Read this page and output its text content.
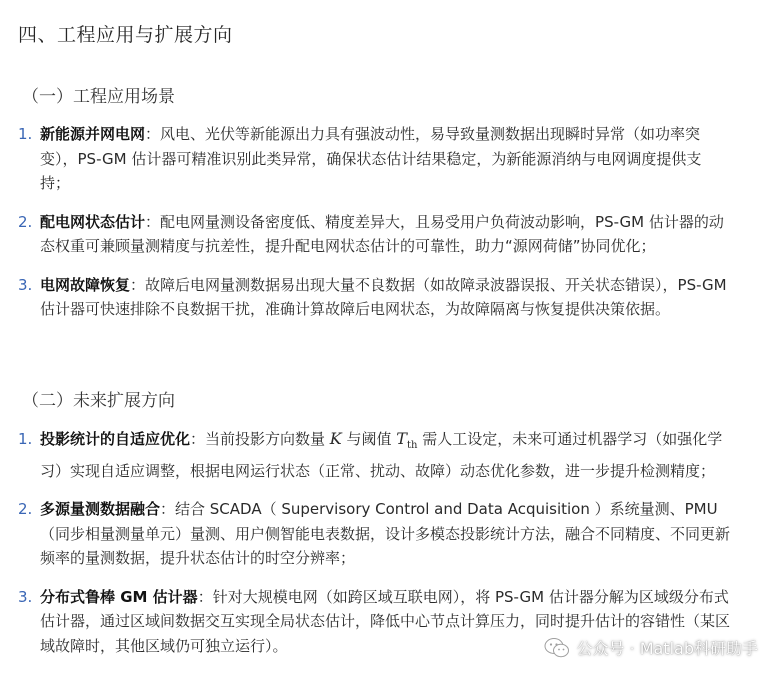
四、工程应用与扩展方向
（一）工程应用场景
1. 新能源并网电网：风电、光伏等新能源出力具有强波动性，易导致量测数据出现瞬时异常（如功率突变），PS-GM 估计器可精准识别此类异常，确保状态估计结果稳定，为新能源消纳与电网调度提供支持；
2. 配电网状态估计：配电网量测设备密度低、精度差异大，且易受用户负荷波动影响，PS-GM 估计器的动态权重可兼顾量测精度与抗差性，提升配电网状态估计的可靠性，助力“源网荷储”协同优化；
3. 电网故障恢复：故障后电网量测数据易出现大量不良数据（如故障录波器误报、开关状态错误），PS-GM 估计器可快速排除不良数据干扰，准确计算故障后电网状态，为故障隔离与恢复提供决策依据。
（二）未来扩展方向
1. 投影统计的自适应优化：当前投影方向数量 K 与阈值 $T_{th}$ 需人工设定，未来可通过机器学习（如强化学习）实现自适应调整，根据电网运行状态（正常、扰动、故障）动态优化参数，进一步提升检测精度；
2. 多源量测数据融合：结合 SCADA（ Supervisory Control and Data Acquisition ）系统量测、PMU（同步相量测量单元）量测、用户侧智能电表数据，设计多模态投影统计方法，融合不同精度、不同更新频率的量测数据，提升状态估计的时空分辨率；
3. 分布式鲁棒 GM 估计器：针对大规模电网（如跨区域互联电网），将 PS-GM 估计器分解为区域级分布式估计器，通过区域间数据交互实现全局状态估计，降低中心节点计算压力，同时提升估计的容错性（某区域故障时，其他区域仍可独立运行）。	公众号 · Matlab科研助手
